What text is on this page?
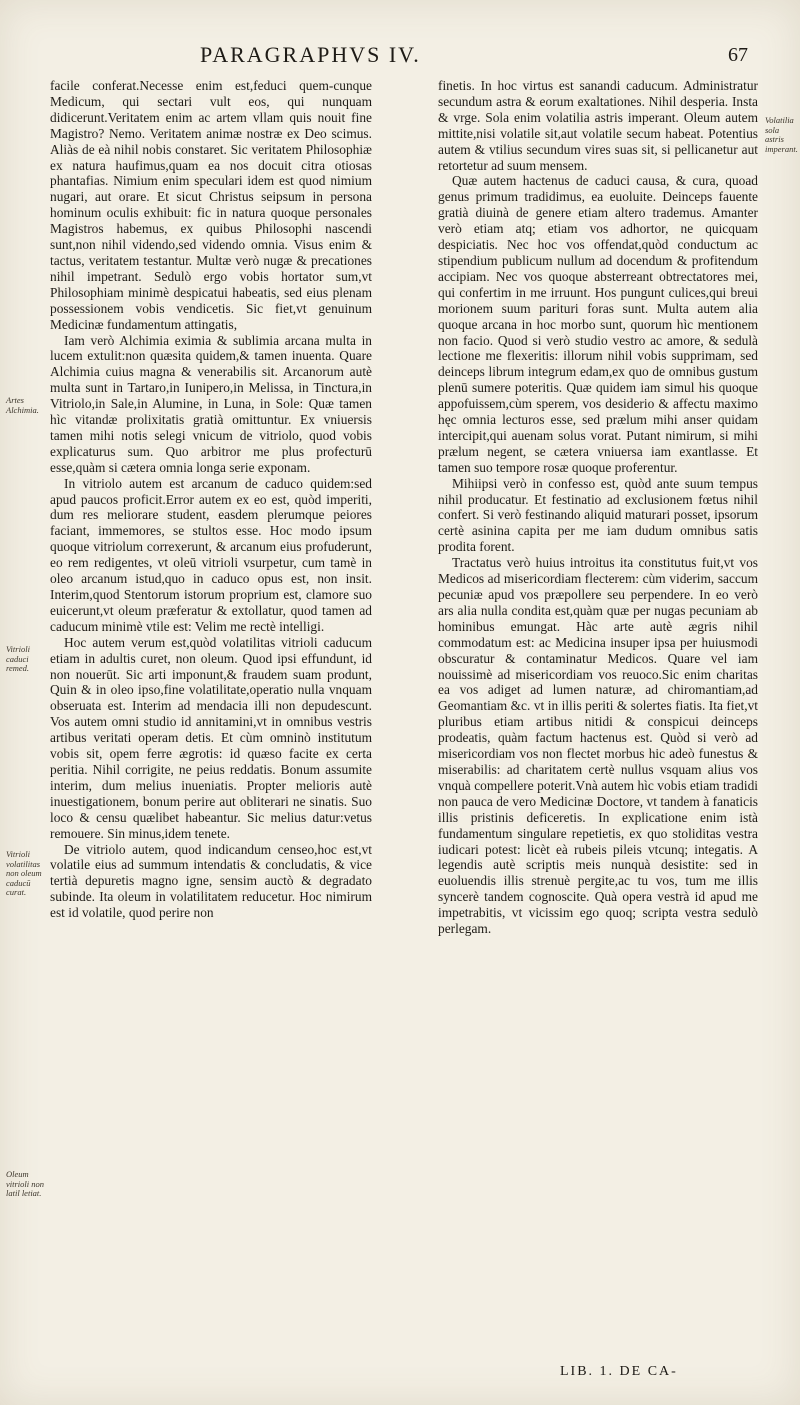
PARAGRAPHVS IV.	67

facile conferat.Necesse enim est,feduci quem-cunque Medicum, qui sectari vult eos, qui nunquam didicerunt.Veritatem enim ac artem vllam quis nouit fine Magistro? Nemo. Veritatem animæ nostræ ex Deo scimus. Aliàs de eà nihil nobis constaret. Sic veritatem Philosophiæ ex natura haufimus,quam ea nos docuit citra otiosas phantafias. Nimium enim speculari idem est quod nimium nugari, aut orare. Et sicut Christus seipsum in persona hominum oculis exhibuit: fic in natura quoque personales Magistros habemus, ex quibus Philosophi nascendi sunt,non nihil videndo,sed videndo omnia. Visus enim & tactus, veritatem testantur. Multæ verò nugæ & precationes nihil impetrant. Sedulò ergo vobis hortator sum,vt Philosophiam minimè despicatui habeatis, sed eius plenam possessionem vobis vendicetis. Sic fiet,vt genuinum Medicinæ fundamentum attingatis,

Iam verò Alchimia eximia & sublimia arcana multa in lucem extulit:non quæsita quidem,& tamen inuenta. Quare Alchimia cuius magna & venerabilis sit. Arcanorum autè multa sunt in Tartaro,in Iunipero,in Melissa, in Tinctura,in Vitriolo,in Sale,in Alumine, in Luna, in Sole: Quæ tamen hìc vitandæ prolixitatis gratià omittuntur. Ex vniuersis tamen mihi notis selegi vnicum de vitriolo, quod vobis explicaturus sum. Quo arbitror me plus profecturū esse,quàm si cætera omnia longa serie exponam.

In vitriolo autem est arcanum de caduco quidem:sed apud paucos proficit.Error autem ex eo est, quòd imperiti, dum res meliorare student, easdem plerumque peiores faciant, immemores, se stultos esse. Hoc modo ipsum quoque vitriolum correxerunt, & arcanum eius profuderunt, eo rem redigentes, vt oleū vitrioli vsurpetur, cum tamè in oleo arcanum istud,quo in caduco opus est, non insit. Interim,quod Stentorum istorum proprium est, clamore suo euicerunt,vt oleum præferatur & extollatur, quod tamen ad caducum minimè vtile est: Velim me rectè intelligi.

Hoc autem verum est,quòd volatilitas vitrioli caducum etiam in adultis curet, non oleum. Quod ipsi effundunt, id non nouerūt. Sic arti imponunt,& fraudem suam produnt, Quin & in oleo ipso,fine volatilitate,operatio nulla vnquam obseruata est. Interim ad mendacia illi non depudescunt. Vos autem omni studio id annitamini,vt in omnibus vestris artibus veritati operam detis. Et cùm omninò institutum vobis sit, opem ferre ægrotis: id quæso facite ex certa peritia. Nihil corrigite, ne peius reddatis. Bonum assumite interim, dum melius inueniatis. Propter melioris autè inuestigationem, bonum perire aut obliterari ne sinatis. Suo loco & censu quælibet habeantur. Sic melius datur:vetus remouere. Sin minus,idem tenete.

De vitriolo autem, quod indicandum censeo,hoc est,vt volatile eius ad summum intendatis & concludatis, & vice tertià depuretis magno igne, sensim auctò & degradato subinde. Ita oleum in volatilitatem reducetur. Hoc nimirum est id volatile, quod perire non

finetis. In hoc virtus est sanandi caducum. Administratur secundum astra & eorum exaltationes. Nihil desperia. Insta & vrge. Sola enim volatilia astris imperant. Oleum autem mittite,nisi volatile sit,aut volatile secum habeat. Potentius autem & vtilius secundum vires suas sit, si pellicanetur aut retortetur ad suum mensem.

Quæ autem hactenus de caduci causa, & cura, quoad genus primum tradidimus, ea euoluite. Deinceps fauente gratià diuinà de genere etiam altero trademus. Amanter verò etiam atq; etiam vos adhortor, ne quicquam despiciatis. Nec hoc vos offendat,quòd conductum ac stipendium publicum nullum ad docendum & profitendum accipiam. Nec vos quoque absterreant obtrectatores mei, qui confertim in me irruunt. Hos pungunt culices,qui breui morionem suum parituri foras sunt. Multa autem alia quoque arcana in hoc morbo sunt, quorum hìc mentionem non facio. Quod si verò studio vestro ac amore, & sedulà lectione me flexeritis: illorum nihil vobis supprimam, sed deinceps librum integrum edam,ex quo de omnibus gustum plenū sumere poteritis. Quæ quidem iam simul his quoque appofuissem,cùm sperem, vos desiderio & affectu maximo hęc omnia lecturos esse, sed prælum mihi anser quidam intercipit,qui auenam solus vorat. Putant nimirum, si mihi prælum negent, se cætera vniuersa iam exantlasse. Et tamen suo tempore rosæ quoque proferentur.

Mihiipsi verò in confesso est, quòd ante suum tempus nihil producatur. Et festinatio ad exclusionem fœtus nihil confert. Si verò festinando aliquid maturari posset, ipsorum certè asinina capita per me iam dudum omnibus satis prodita forent.

Tractatus verò huius introitus ita constitutus fuit,vt vos Medicos ad misericordiam flecterem: cùm viderim, saccum pecuniæ apud vos præpollere seu perpendere. In eo verò ars alia nulla condita est,quàm quæ per nugas pecuniam ab hominibus emungat. Hàc arte autè ægris nihil commodatum est: ac Medicina insuper ipsa per huiusmodi obscuratur & contaminatur Medicos. Quare vel iam nouissimè ad misericordiam vos reuoco.Sic enim charitas ea vos adiget ad lumen naturæ, ad chiromantiam,ad Geomantiam &c. vt in illis periti & solertes fiatis. Ita fiet,vt pluribus etiam artibus nitidi & conspicui deinceps prodeatis, quàm factum hactenus est. Quòd si verò ad misericordiam vos non flectet morbus hic adeò funestus & miserabilis: ad charitatem certè nullus vsquam alius vos vnquà compellere poterit.Vnà autem hìc vobis etiam tradidi non pauca de vero Medicinæ Doctore, vt tandem à fanaticis illis pristinis deficeretis. In explicatione enim istà fundamentum singulare repetietis, ex quo stoliditas vestra iudicari potest: licèt eà rubeis pileis vtcunq; integatis. A legendis autè scriptis meis nunquà desistite: sed in euoluendis illis strenuè pergite,ac tu vos, tum me illis syncerè tandem cognoscite. Quà opera vestrà id apud me impetrabitis, vt vicissim ego quoq; scripta vestra sedulò perlegam.

Artes Alchimia.
Vitrioli caduci remed.
Vitrioli volatilitas non oleum caducū curat.
Oleum vitrioli non latil letiat.
Volatilia sola astris imperant.
LIB. 1. DE CA-
